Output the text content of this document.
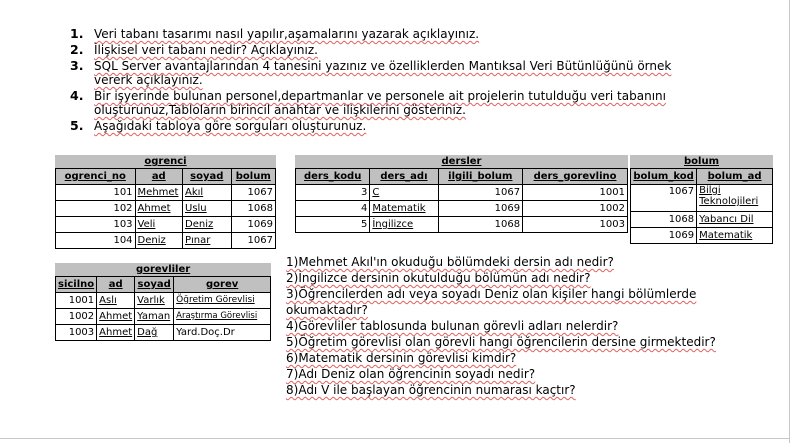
1. Veri tabanı tasarımı nasıl yapılır,aşamalarını yazarak açıklayınız.
2. İlişkisel veri tabanı nedir? Açıklayınız.
3. SQL Server avantajlarından 4 tanesini yazınız ve özelliklerden Mantıksal Veri Bütünlüğünü örnek vererk açıklayınız.
4. Bir işyerinde bulunan personel,departmanlar ve personele ait projelerin tutulduğu veri tabanını oluşturunuz,Tabloların birincil anahtar ve ilişkilerini gösteriniz.
5. Aşağıdaki tabloya göre sorguları oluşturunuz.
ogrenci			
ogrenci_no	ad	soyad	bolum
101	Mehmet	Akıl	1067
102	Ahmet	Uslu	1068
103	Veli	Deniz	1069
104	Deniz	Pınar	1067
dersler			
ders_kodu	ders_adı	ilgili_bolum	ders_gorevlino
3	C	1067	1001
4	Matematik	1069	1002
5	İngilizce	1068	1003
bolum	
bolum_kod	bolum_ad
1067	Bilgi Teknolojileri
1068	Yabancı Dil
1069	Matematik
gorevliler			
sicilno	ad	soyad	gorev
1001	Aslı	Varlık	Öğretim Görevlisi
1002	Ahmet	Yaman	Araştırma Görevlisi
1003	Ahmet	Dağ	Yard.Doç.Dr
1)Mehmet Akıl'ın okuduğu bölümdeki dersin adı nedir?
2)İngilizce dersinin okutulduğu bölümün adı nedir?
3)Öğrencilerden adı veya soyadı Deniz olan kişiler hangi bölümlerde okumaktadır?
4)Görevliler tablosunda bulunan görevli adları nelerdir?
5)Öğretim görevlisi olan görevli hangi öğrencilerin dersine girmektedir?
6)Matematik dersinin görevlisi kimdir?
7)Adı Deniz olan öğrencinin soyadı nedir?
8)Adı V ile başlayan öğrencinin numarası kaçtır?
